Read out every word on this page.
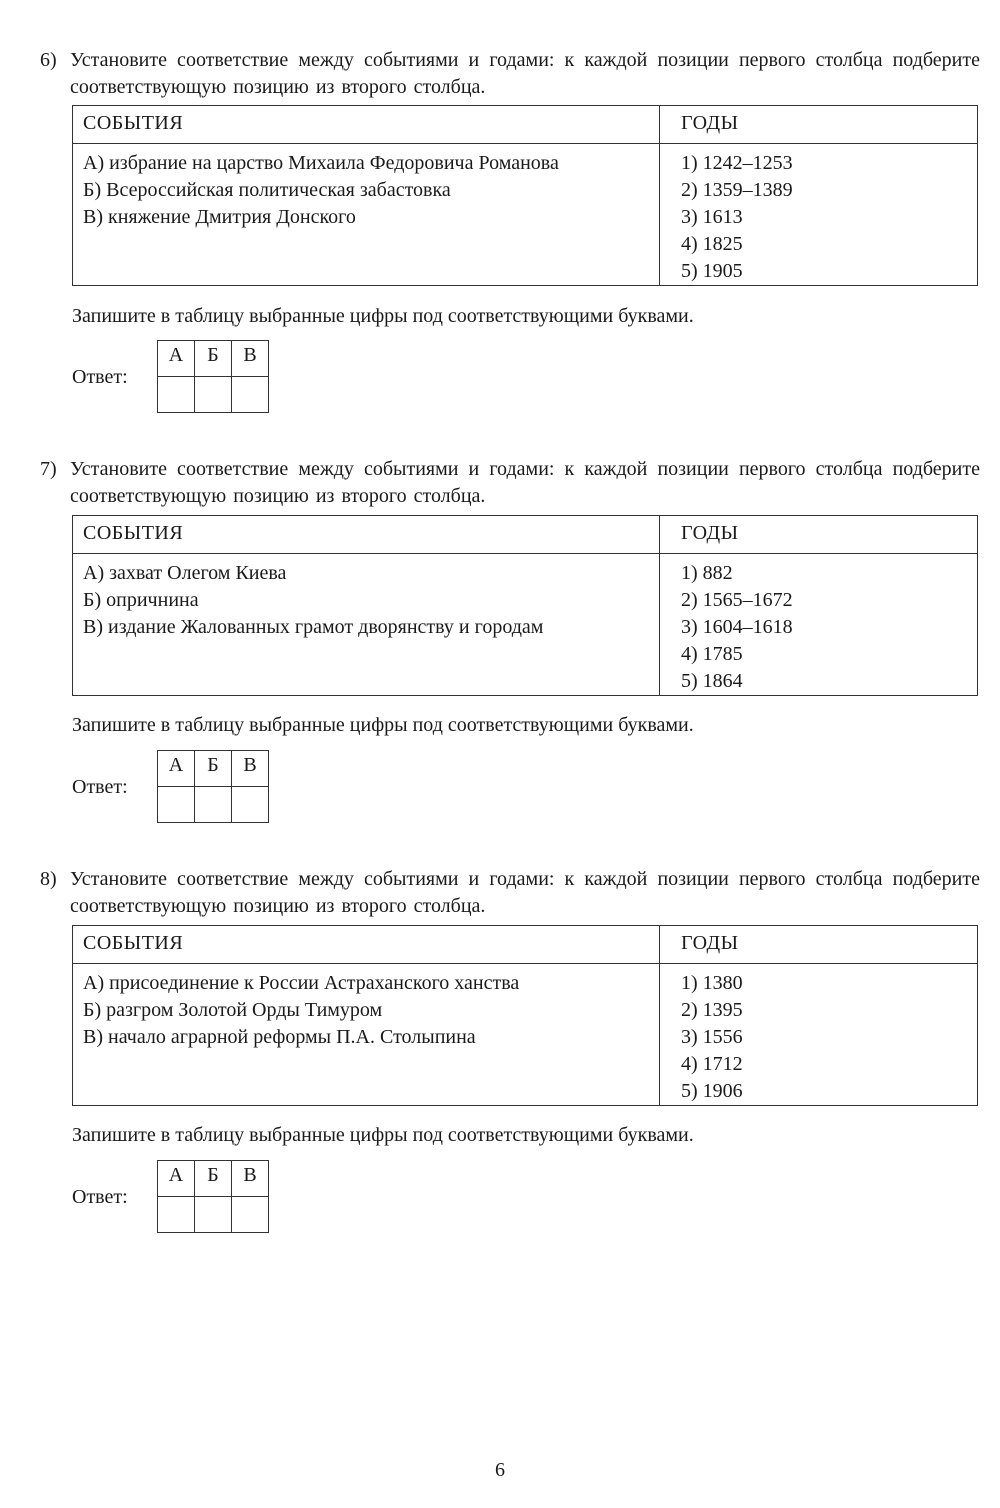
6) Установите соответствие между событиями и годами: к каждой позиции первого столбца подберите соответствующую позицию из второго столбца.
СОБЫТИЯ	ГОДЫ
А) избрание на царство Михаила Федоровича Романова
Б) Всероссийская политическая забастовка
В) княжение Дмитрия Донского
1) 1242–1253
2) 1359–1389
3) 1613
4) 1825
5) 1905
Запишите в таблицу выбранные цифры под соответствующими буквами.
Ответ:
А	Б	В

7) Установите соответствие между событиями и годами: к каждой позиции первого столбца подберите соответствующую позицию из второго столбца.
СОБЫТИЯ	ГОДЫ
А) захват Олегом Киева
Б) опричнина
В) издание Жалованных грамот дворянству и городам
1) 882
2) 1565–1672
3) 1604–1618
4) 1785
5) 1864
Запишите в таблицу выбранные цифры под соответствующими буквами.
Ответ:
А	Б	В

8) Установите соответствие между событиями и годами: к каждой позиции первого столбца подберите соответствующую позицию из второго столбца.
СОБЫТИЯ	ГОДЫ
А) присоединение к России Астраханского ханства
Б) разгром Золотой Орды Тимуром
В) начало аграрной реформы П.А. Столыпина
1) 1380
2) 1395
3) 1556
4) 1712
5) 1906
Запишите в таблицу выбранные цифры под соответствующими буквами.
Ответ:
А	Б	В

6
